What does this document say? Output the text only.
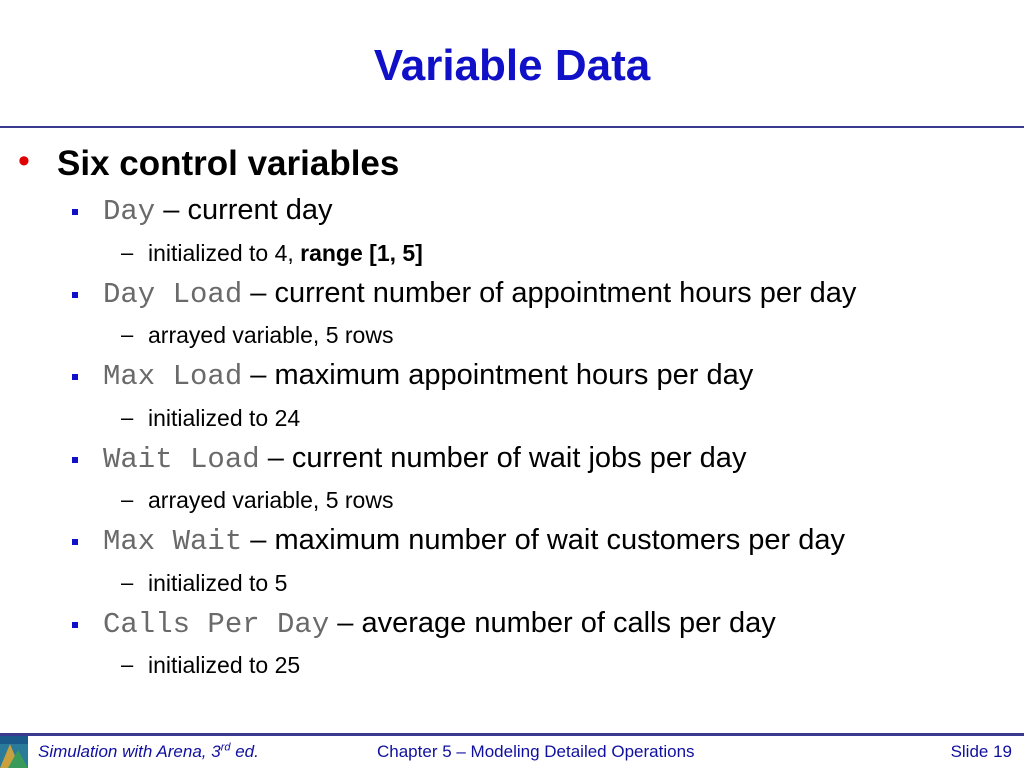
Variable Data
• Six control variables
Day – current day
– initialized to 4, range [1, 5]
Day Load – current number of appointment hours per day
– arrayed variable, 5 rows
Max Load – maximum appointment hours per day
– initialized to 24
Wait Load – current number of wait jobs per day
– arrayed variable, 5 rows
Max Wait – maximum number of wait customers per day
– initialized to 5
Calls Per Day – average number of calls per day
– initialized to 25
Simulation with Arena, 3rd ed.	Chapter 5 – Modeling Detailed Operations	Slide 19
